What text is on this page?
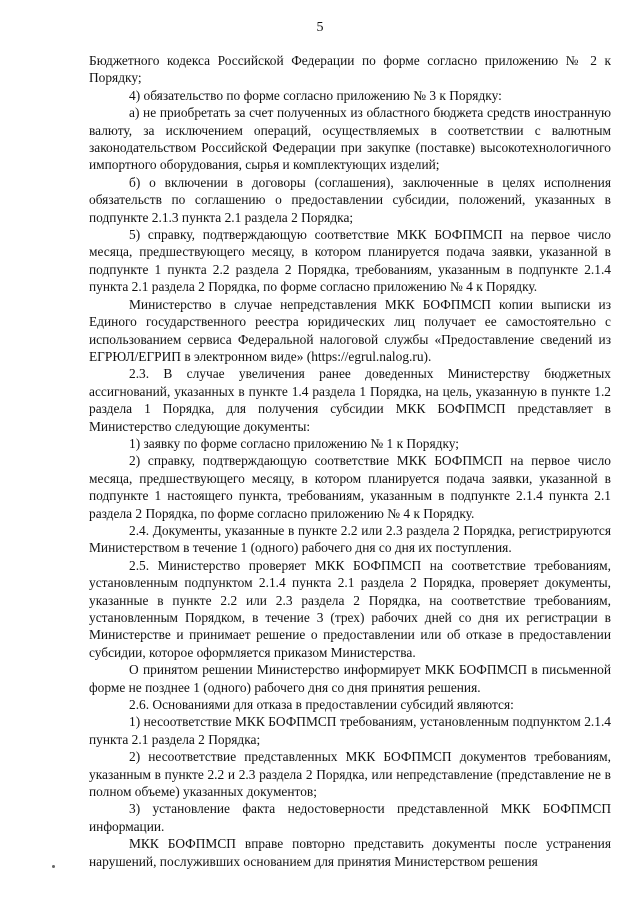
5

Бюджетного кодекса Российской Федерации по форме согласно приложению № 2 к Порядку;

4) обязательство по форме согласно приложению № 3 к Порядку:

а) не приобретать за счет полученных из областного бюджета средств иностранную валюту, за исключением операций, осуществляемых в соответствии с валютным законодательством Российской Федерации при закупке (поставке) высокотехнологичного импортного оборудования, сырья и комплектующих изделий;

б) о включении в договоры (соглашения), заключенные в целях исполнения обязательств по соглашению о предоставлении субсидии, положений, указанных в подпункте 2.1.3 пункта 2.1 раздела 2 Порядка;

5) справку, подтверждающую соответствие МКК БОФПМСП на первое число месяца, предшествующего месяцу, в котором планируется подача заявки, указанной в подпункте 1 пункта 2.2 раздела 2 Порядка, требованиям, указанным в подпункте 2.1.4 пункта 2.1 раздела 2 Порядка, по форме согласно приложению № 4 к Порядку.

Министерство в случае непредставления МКК БОФПМСП копии выписки из Единого государственного реестра юридических лиц получает ее самостоятельно с использованием сервиса Федеральной налоговой службы «Предоставление сведений из ЕГРЮЛ/ЕГРИП в электронном виде» (https://egrul.nalog.ru).

2.3. В случае увеличения ранее доведенных Министерству бюджетных ассигнований, указанных в пункте 1.4 раздела 1 Порядка, на цель, указанную в пункте 1.2 раздела 1 Порядка, для получения субсидии МКК БОФПМСП представляет в Министерство следующие документы:

1) заявку по форме согласно приложению № 1 к Порядку;

2) справку, подтверждающую соответствие МКК БОФПМСП на первое число месяца, предшествующего месяцу, в котором планируется подача заявки, указанной в подпункте 1 настоящего пункта, требованиям, указанным в подпункте 2.1.4 пункта 2.1 раздела 2 Порядка, по форме согласно приложению № 4 к Порядку.

2.4. Документы, указанные в пункте 2.2 или 2.3 раздела 2 Порядка, регистрируются Министерством в течение 1 (одного) рабочего дня со дня их поступления.

2.5. Министерство проверяет МКК БОФПМСП на соответствие требованиям, установленным подпунктом 2.1.4 пункта 2.1 раздела 2 Порядка, проверяет документы, указанные в пункте 2.2 или 2.3 раздела 2 Порядка, на соответствие требованиям, установленным Порядком, в течение 3 (трех) рабочих дней со дня их регистрации в Министерстве и принимает решение о предоставлении или об отказе в предоставлении субсидии, которое оформляется приказом Министерства.

О принятом решении Министерство информирует МКК БОФПМСП в письменной форме не позднее 1 (одного) рабочего дня со дня принятия решения.

2.6. Основаниями для отказа в предоставлении субсидий являются:

1) несоответствие МКК БОФПМСП требованиям, установленным подпунктом 2.1.4 пункта 2.1 раздела 2 Порядка;

2) несоответствие представленных МКК БОФПМСП документов требованиям, указанным в пункте 2.2 и 2.3 раздела 2 Порядка, или непредставление (представление не в полном объеме) указанных документов;

3) установление факта недостоверности представленной МКК БОФПМСП информации.

МКК БОФПМСП вправе повторно представить документы после устранения нарушений, послуживших основанием для принятия Министерством решения
